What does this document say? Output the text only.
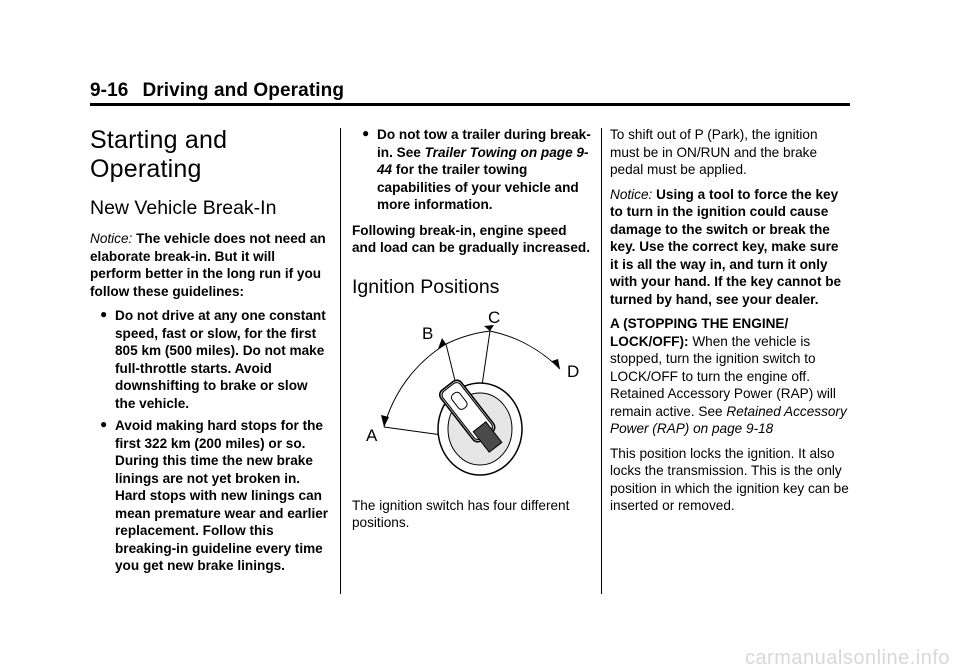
9-16 Driving and Operating
Starting and Operating
New Vehicle Break-In

Notice: The vehicle does not need an elaborate break-in. But it will perform better in the long run if you follow these guidelines:

● Do not drive at any one constant speed, fast or slow, for the first 805 km (500 miles). Do not make full-throttle starts. Avoid downshifting to brake or slow the vehicle.
● Avoid making hard stops for the first 322 km (200 miles) or so. During this time the new brake linings are not yet broken in. Hard stops with new linings can mean premature wear and earlier replacement. Follow this breaking-in guideline every time you get new brake linings.
● Do not tow a trailer during break-in. See Trailer Towing on page 9-44 for the trailer towing capabilities of your vehicle and more information.

Following break-in, engine speed and load can be gradually increased.

Ignition Positions
A
B
C
D

The ignition switch has four different positions.

To shift out of P (Park), the ignition must be in ON/RUN and the brake pedal must be applied.

Notice: Using a tool to force the key to turn in the ignition could cause damage to the switch or break the key. Use the correct key, make sure it is all the way in, and turn it only with your hand. If the key cannot be turned by hand, see your dealer.

A (STOPPING THE ENGINE/ LOCK/OFF): When the vehicle is stopped, turn the ignition switch to LOCK/OFF to turn the engine off. Retained Accessory Power (RAP) will remain active. See Retained Accessory Power (RAP) on page 9-18

This position locks the ignition. It also locks the transmission. This is the only position in which the ignition key can be inserted or removed.

carmanualsonline.info
